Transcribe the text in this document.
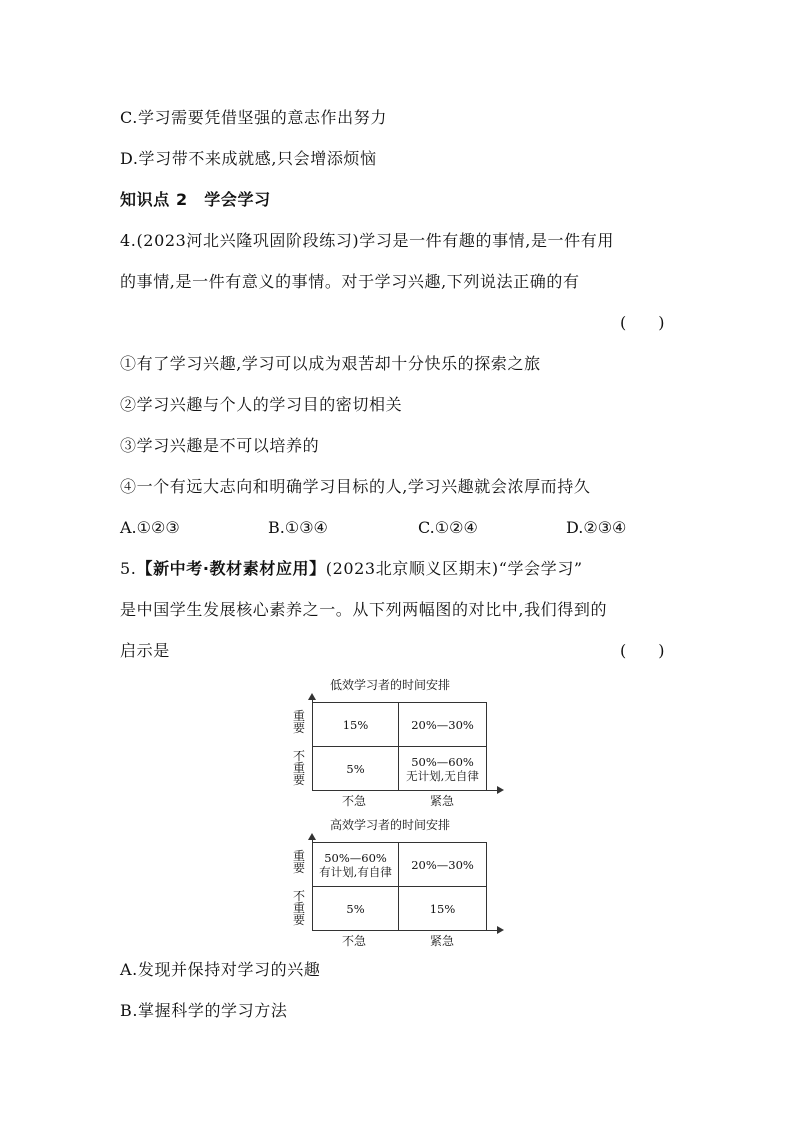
C.学习需要凭借坚强的意志作出努力
D.学习带不来成就感,只会增添烦恼
知识点 2　学会学习
4.(2023河北兴隆巩固阶段练习)学习是一件有趣的事情,是一件有用
的事情,是一件有意义的事情。对于学习兴趣,下列说法正确的有
(　　)
①有了学习兴趣,学习可以成为艰苦却十分快乐的探索之旅
②学习兴趣与个人的学习目的密切相关
③学习兴趣是不可以培养的
④一个有远大志向和明确学习目标的人,学习兴趣就会浓厚而持久
A.①②③	B.①③④	C.①②④	D.②③④
5.【新中考·教材素材应用】(2023北京顺义区期末)“学会学习”
是中国学生发展核心素养之一。从下列两幅图的对比中,我们得到的
启示是	(　　)
低效学习者的时间安排
重
要
不
重
要
15%	20%—30%
5%	50%—60%
无计划,无自律
不急	紧急
高效学习者的时间安排
重
要
不
重
要
50%—60%
有计划,有自律	20%—30%
5%	15%
不急	紧急
A.发现并保持对学习的兴趣
B.掌握科学的学习方法
